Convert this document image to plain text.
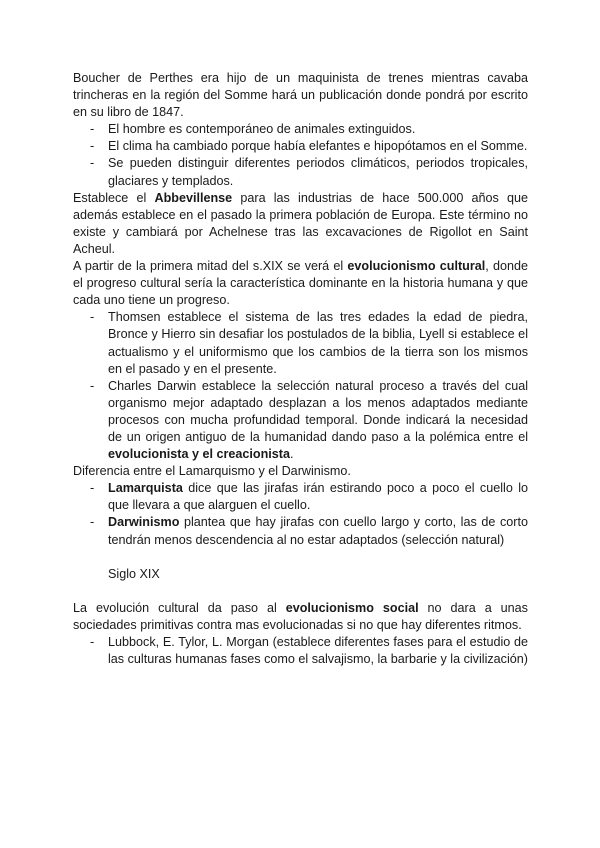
Boucher de Perthes era hijo de un maquinista de trenes mientras cavaba trincheras en la región del Somme hará un publicación donde pondrá por escrito en su libro de 1847.

- El hombre es contemporáneo de animales extinguidos.
- El clima ha cambiado porque había elefantes e hipopótamos en el Somme.
- Se pueden distinguir diferentes periodos climáticos, periodos tropicales, glaciares y templados.

Establece el Abbevillense para las industrias de hace 500.000 años que además establece en el pasado la primera población de Europa. Este término no existe y cambiará por Achelnese tras las excavaciones de Rigollot en Saint Acheul.

A partir de la primera mitad del s.XIX se verá el evolucionismo cultural, donde el progreso cultural sería la característica dominante en la historia humana y que cada uno tiene un progreso.

- Thomsen establece el sistema de las tres edades la edad de piedra, Bronce y Hierro sin desafiar los postulados de la biblia, Lyell si establece el actualismo y el uniformismo que los cambios de la tierra son los mismos en el pasado y en el presente.
- Charles Darwin establece la selección natural proceso a través del cual organismo mejor adaptado desplazan a los menos adaptados mediante procesos con mucha profundidad temporal. Donde indicará la necesidad de un origen antiguo de la humanidad dando paso a la polémica entre el evolucionista y el creacionista.

Diferencia entre el Lamarquismo y el Darwinismo.

- Lamarquista dice que las jirafas irán estirando poco a poco el cuello lo que llevara a que alarguen el cuello.
- Darwinismo plantea que hay jirafas con cuello largo y corto, las de corto tendrán menos descendencia al no estar adaptados (selección natural)

Siglo XIX

La evolución cultural da paso al evolucionismo social no dara a unas sociedades primitivas contra mas evolucionadas si no que hay diferentes ritmos.

- Lubbock, E. Tylor, L. Morgan (establece diferentes fases para el estudio de las culturas humanas fases como el salvajismo, la barbarie y la civilización)
